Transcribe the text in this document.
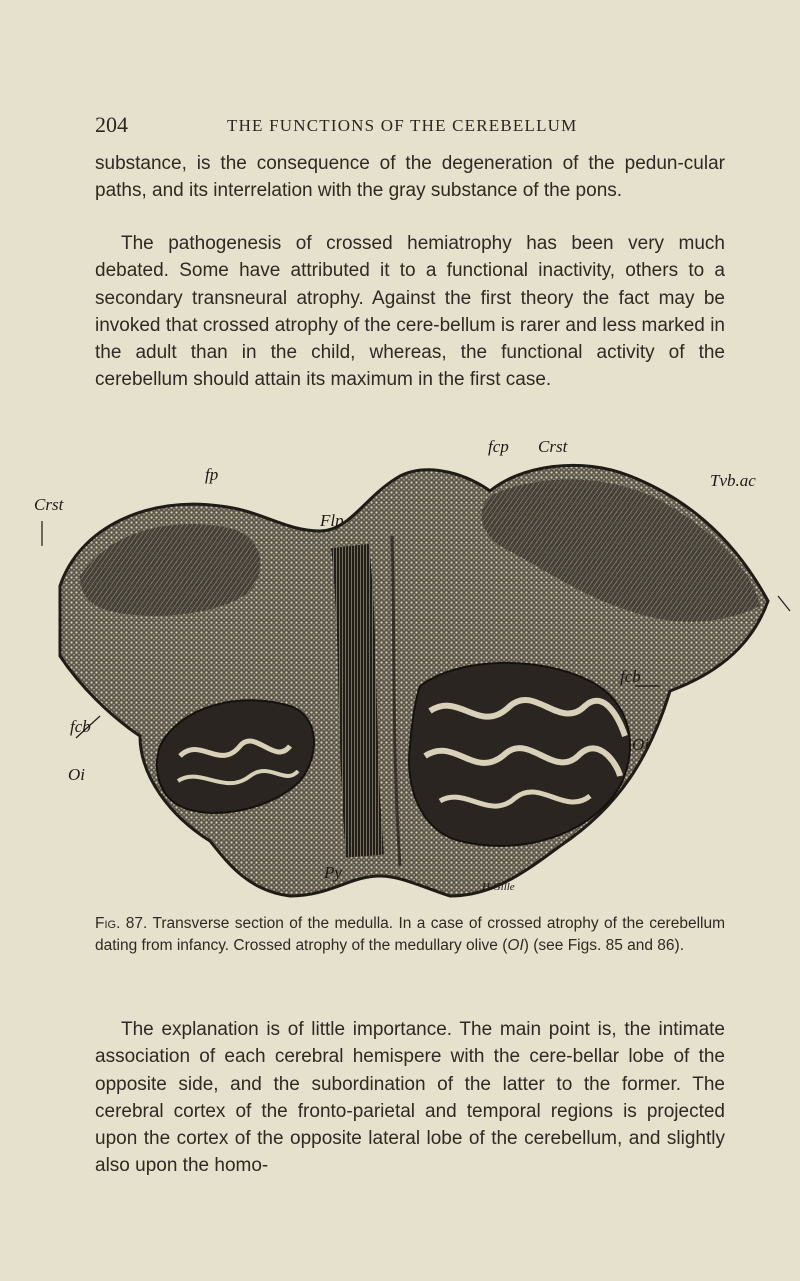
204	THE FUNCTIONS OF THE CEREBELLUM

substance, is the consequence of the degeneration of the pedun-cular paths, and its interrelation with the gray substance of the pons.

The pathogenesis of crossed hemiatrophy has been very much debated. Some have attributed it to a functional inactivity, others to a secondary transneural atrophy. Against the first theory the fact may be invoked that crossed atrophy of the cere-bellum is rarer and less marked in the adult than in the child, whereas, the functional activity of the cerebellum should attain its maximum in the first case.

Crst
fp
fcp Crst
Tvb.ac
Flp
fcb
fcb
Oi
Oi
Py
H.Gille

Fig. 87. Transverse section of the medulla. In a case of crossed atrophy of the cerebellum dating from infancy. Crossed atrophy of the medullary olive (OI) (see Figs. 85 and 86).

The explanation is of little importance. The main point is, the intimate association of each cerebral hemispere with the cere-bellar lobe of the opposite side, and the subordination of the latter to the former. The cerebral cortex of the fronto-parietal and temporal regions is projected upon the cortex of the opposite lateral lobe of the cerebellum, and slightly also upon the homo-
